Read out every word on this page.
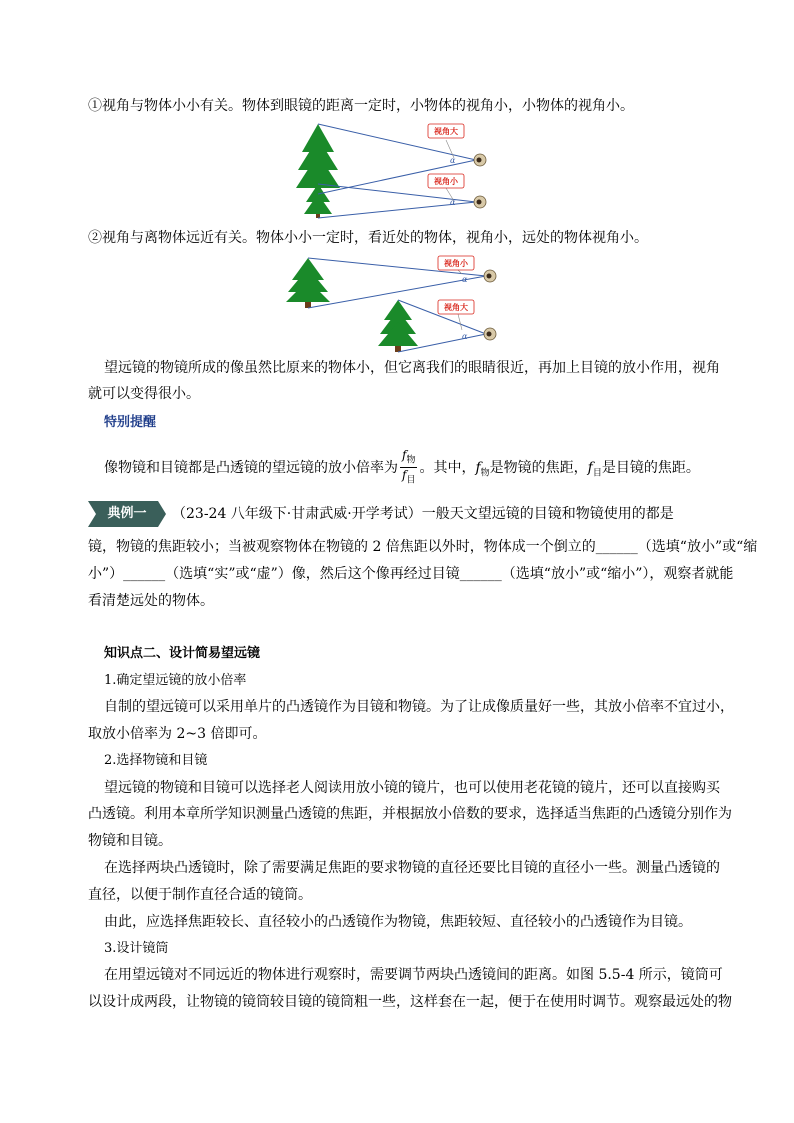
①视角与物体小小有关。物体到眼镜的距离一定时，小物体的视角小，小物体的视角小。
视角大
视角小
α
α
②视角与离物体远近有关。物体小小一定时，看近处的物体，视角小，远处的物体视角小。
视角小
视角大
α
α
望远镜的物镜所成的像虽然比原来的物体小，但它离我们的眼睛很近，再加上目镜的放小作用，视角
就可以变得很小。
特别提醒
像物镜和目镜都是凸透镜的望远镜的放小倍率为 $\frac{f_物}{f_目}$ 。其中，$f_物$是物镜的焦距，$f_目$是目镜的焦距。
典例一	（23-24 八年级下·甘肃武威·开学考试）一般天文望远镜的目镜和物镜使用的都是
镜，物镜的焦距较小；当被观察物体在物镜的 2 倍焦距以外时，物体成一个倒立的______（选填“放小”或“缩
小”）______（选填“实”或“虚”）像，然后这个像再经过目镜______（选填“放小”或“缩小”），观察者就能
看清楚远处的物体。
知识点二、设计简易望远镜
1.确定望远镜的放小倍率
自制的望远镜可以采用单片的凸透镜作为目镜和物镜。为了让成像质量好一些，其放小倍率不宜过小，
取放小倍率为 2~3 倍即可。
2.选择物镜和目镜
望远镜的物镜和目镜可以选择老人阅读用放小镜的镜片，也可以使用老花镜的镜片，还可以直接购买
凸透镜。利用本章所学知识测量凸透镜的焦距，并根据放小倍数的要求，选择适当焦距的凸透镜分别作为
物镜和目镜。
在选择两块凸透镜时，除了需要满足焦距的要求物镜的直径还要比目镜的直径小一些。测量凸透镜的
直径，以便于制作直径合适的镜筒。
由此，应选择焦距较长、直径较小的凸透镜作为物镜，焦距较短、直径较小的凸透镜作为目镜。
3.设计镜筒
在用望远镜对不同远近的物体进行观察时，需要调节两块凸透镜间的距离。如图 5.5-4 所示，镜筒可
以设计成两段，让物镜的镜筒较目镜的镜筒粗一些，这样套在一起，便于在使用时调节。观察最远处的物
